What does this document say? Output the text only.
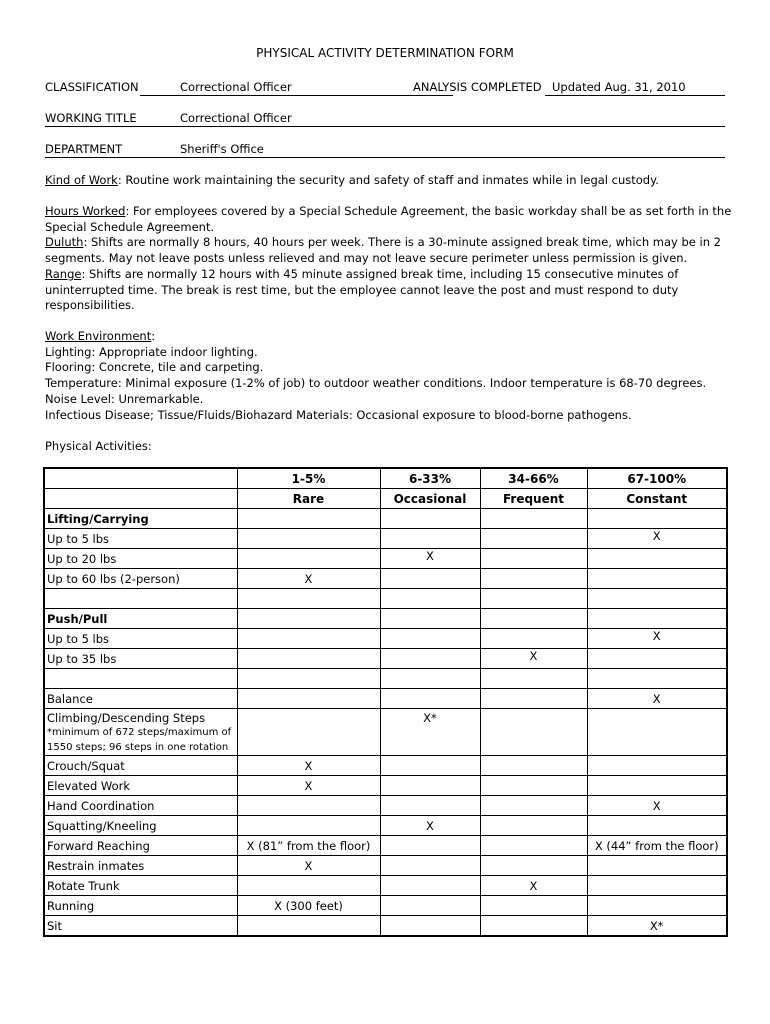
PHYSICAL ACTIVITY DETERMINATION FORM
CLASSIFICATION	Correctional Officer	ANALYSIS COMPLETED Updated Aug. 31, 2010
WORKING TITLE	Correctional Officer
DEPARTMENT	Sheriff's Office

Kind of Work: Routine work maintaining the security and safety of staff and inmates while in legal custody.

Hours Worked: For employees covered by a Special Schedule Agreement, the basic workday shall be as set forth in the Special Schedule Agreement.

Duluth: Shifts are normally 8 hours, 40 hours per week. There is a 30-minute assigned break time, which may be in 2 segments. May not leave posts unless relieved and may not leave secure perimeter unless permission is given.

Range: Shifts are normally 12 hours with 45 minute assigned break time, including 15 consecutive minutes of uninterrupted time. The break is rest time, but the employee cannot leave the post and must respond to duty responsibilities.

Work Environment:

Lighting: Appropriate indoor lighting.

Flooring: Concrete, tile and carpeting.

Temperature: Minimal exposure (1-2% of job) to outdoor weather conditions. Indoor temperature is 68-70 degrees.

Noise Level: Unremarkable.

Infectious Disease; Tissue/Fluids/Biohazard Materials: Occasional exposure to blood-borne pathogens.

Physical Activities:
	1-5%	6-33%	34-66%	67-100%
	Rare	Occasional	Frequent	Constant
Lifting/Carrying				
Up to 5 lbs				X
Up to 20 lbs		X		
Up to 60 lbs (2-person)	X			

Push/Pull				
Up to 5 lbs				X
Up to 35 lbs			X	

Balance				X

Climbing/Descending Steps
*minimum of 672 steps/maximum of 1550 steps; 96 steps in one rotation		X*		
Crouch/Squat	X			
Elevated Work	X			
Hand Coordination				X
Squatting/Kneeling		X		
Forward Reaching	X (81” from the floor)			X (44” from the floor)
Restrain inmates	X			
Rotate Trunk			X	
Running	X (300 feet)			
Sit				X*
